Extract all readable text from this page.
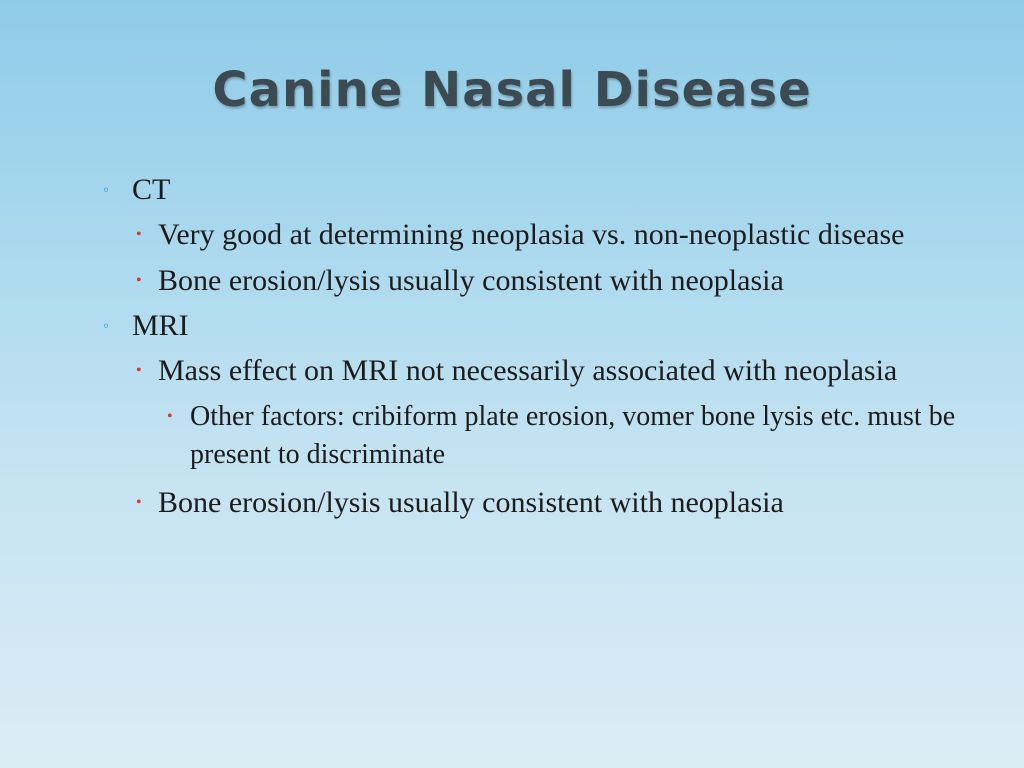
Canine Nasal Disease
◦ CT
• Very good at determining neoplasia vs. non-neoplastic disease
• Bone erosion/lysis usually consistent with neoplasia
◦ MRI
• Mass effect on MRI not necessarily associated with neoplasia
• Other factors: cribiform plate erosion, vomer bone lysis etc. must be present to discriminate
• Bone erosion/lysis usually consistent with neoplasia
